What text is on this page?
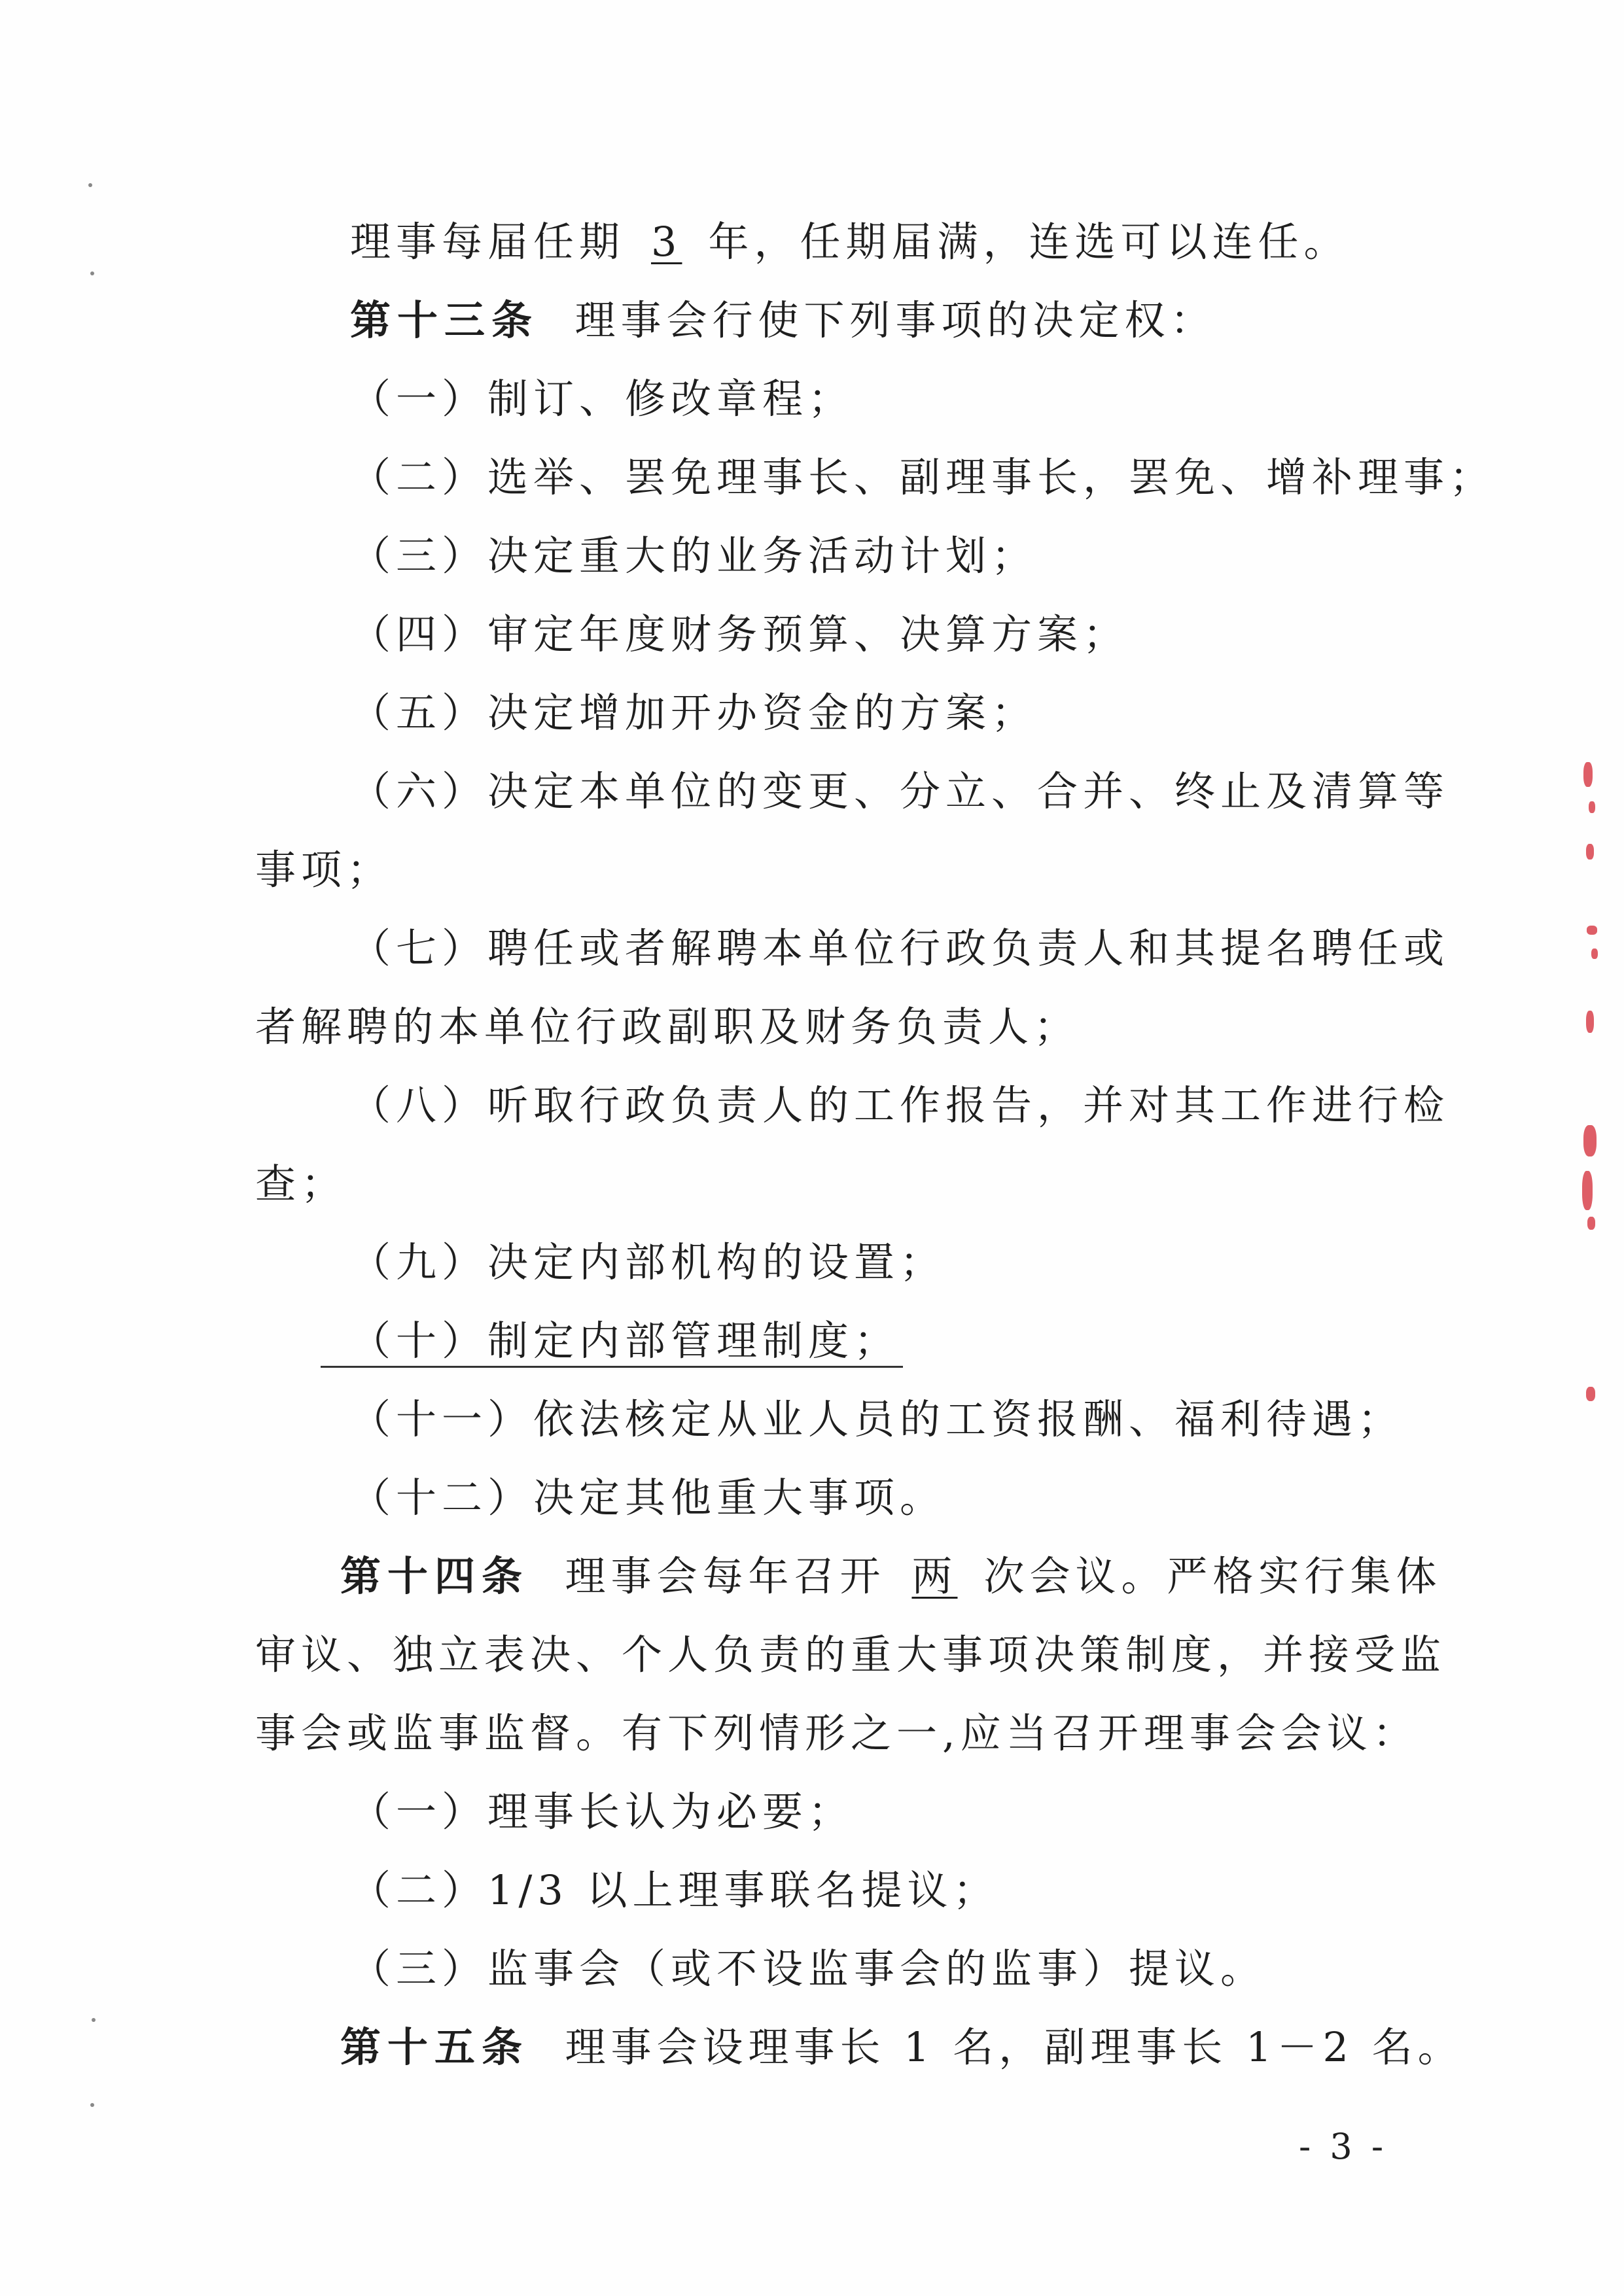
理事每届任期 3 年，任期届满，连选可以连任。
第十三条 理事会行使下列事项的决定权：
（一）制订、修改章程；
（二）选举、罢免理事长、副理事长，罢免、增补理事；
（三）决定重大的业务活动计划；
（四）审定年度财务预算、决算方案；
（五）决定增加开办资金的方案；
（六）决定本单位的变更、分立、合并、终止及清算等
事项；
（七）聘任或者解聘本单位行政负责人和其提名聘任或
者解聘的本单位行政副职及财务负责人；
（八）听取行政负责人的工作报告，并对其工作进行检
查；
（九）决定内部机构的设置；
（十）制定内部管理制度；
（十一）依法核定从业人员的工资报酬、福利待遇；
（十二）决定其他重大事项。
第十四条 理事会每年召开 两 次会议。严格实行集体
审议、独立表决、个人负责的重大事项决策制度，并接受监
事会或监事监督。有下列情形之一,应当召开理事会会议：
（一）理事长认为必要；
（二）1/3 以上理事联名提议；
（三）监事会（或不设监事会的监事）提议。
第十五条 理事会设理事长 1 名，副理事长 1－2 名。
- 3 -
